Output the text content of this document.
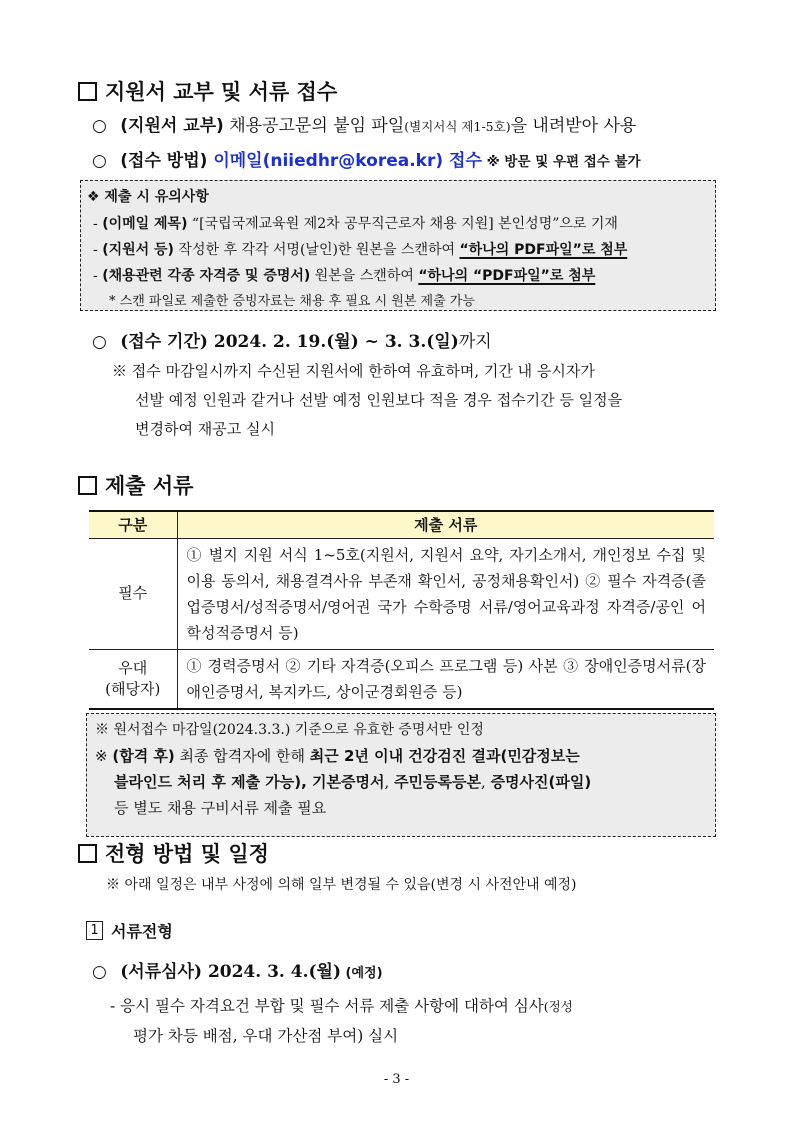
지원서 교부 및 서류 접수
○ (지원서 교부) 채용공고문의 붙임 파일(별지서식 제1-5호)을 내려받아 사용
○ (접수 방법) 이메일(niiedhr@korea.kr) 접수 ※ 방문 및 우편 접수 불가
❖ 제출 시 유의사항
- (이메일 제목) “[국립국제교육원 제2차 공무직근로자 채용 지원] 본인성명”으로 기재
- (지원서 등) 작성한 후 각각 서명(날인)한 원본을 스캔하여 “하나의 PDF파일”로 첨부
- (채용관련 각종 자격증 및 증명서) 원본을 스캔하여 “하나의 “PDF파일”로 첨부
* 스캔 파일로 제출한 증빙자료는 채용 후 필요 시 원본 제출 가능
○ (접수 기간) 2024. 2. 19.(월) ~ 3. 3.(일)까지
※ 접수 마감일시까지 수신된 지원서에 한하여 유효하며, 기간 내 응시자가
선발 예정 인원과 같거나 선발 예정 인원보다 적을 경우 접수기간 등 일정을
변경하여 재공고 실시
제출 서류
구분	제출 서류
필수	① 별지 지원 서식 1~5호(지원서, 지원서 요약, 자기소개서, 개인정보 수집 및 이용 동의서, 채용결격사유 부존재 확인서, 공정채용확인서) ② 필수 자격증(졸업증명서/성적증명서/영어권 국가 수학증명 서류/영어교육과정 자격증/공인 어학성적증명서 등)

우대
(해당자)	① 경력증명서 ② 기타 자격증(오피스 프로그램 등) 사본 ③ 장애인증명서류(장애인증명서, 복지카드, 상이군경회원증 등)
※ 원서접수 마감일(2024.3.3.) 기준으로 유효한 증명서만 인정
※ (합격 후) 최종 합격자에 한해 최근 2년 이내 건강검진 결과(민감정보는
블라인드 처리 후 제출 가능), 기본증명서, 주민등록등본, 증명사진(파일)
등 별도 채용 구비서류 제출 필요
전형 방법 및 일정
※ 아래 일정은 내부 사정에 의해 일부 변경될 수 있음(변경 시 사전안내 예정)
1 서류전형
○ (서류심사) 2024. 3. 4.(월) (예정)
- 응시 필수 자격요건 부합 및 필수 서류 제출 사항에 대하여 심사(정성
평가 차등 배점, 우대 가산점 부여) 실시
- 3 -
